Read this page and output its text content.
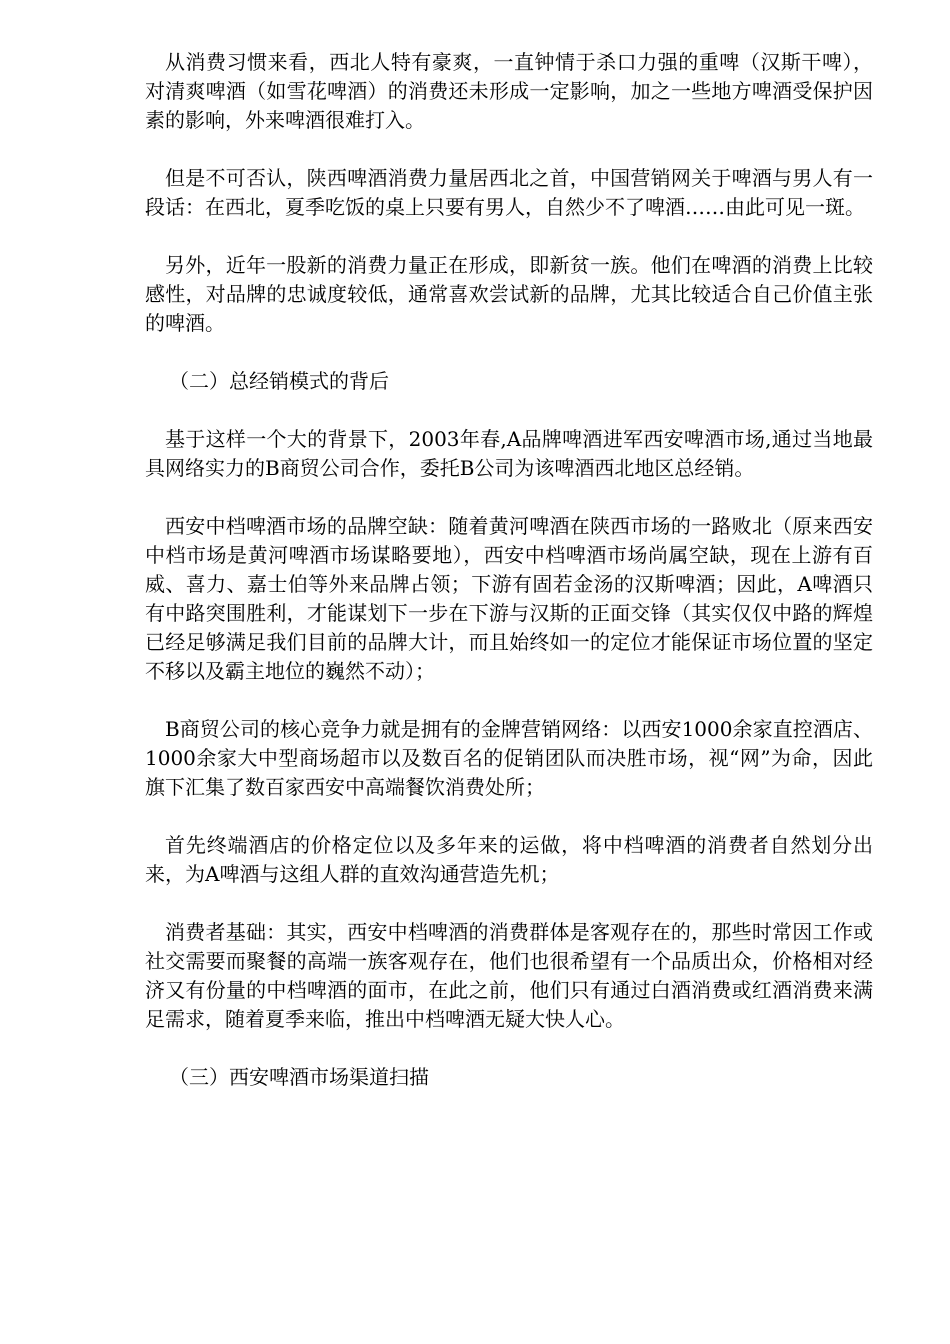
从消费习惯来看，西北人特有豪爽，一直钟情于杀口力强的重啤（汉斯干啤），对清爽啤酒（如雪花啤酒）的消费还未形成一定影响，加之一些地方啤酒受保护因素的影响，外来啤酒很难打入。

但是不可否认，陕西啤酒消费力量居西北之首，中国营销网关于啤酒与男人有一段话：在西北，夏季吃饭的桌上只要有男人，自然少不了啤酒……由此可见一斑。

另外，近年一股新的消费力量正在形成，即新贫一族。他们在啤酒的消费上比较感性，对品牌的忠诚度较低，通常喜欢尝试新的品牌，尤其比较适合自己价值主张的啤酒。

（二）总经销模式的背后

基于这样一个大的背景下，2003年春,A品牌啤酒进军西安啤酒市场,通过当地最具网络实力的B商贸公司合作，委托B公司为该啤酒西北地区总经销。

西安中档啤酒市场的品牌空缺：随着黄河啤酒在陕西市场的一路败北（原来西安中档市场是黄河啤酒市场谋略要地），西安中档啤酒市场尚属空缺，现在上游有百威、喜力、嘉士伯等外来品牌占领；下游有固若金汤的汉斯啤酒；因此，A啤酒只有中路突围胜利，才能谋划下一步在下游与汉斯的正面交锋（其实仅仅中路的辉煌已经足够满足我们目前的品牌大计，而且始终如一的定位才能保证市场位置的坚定不移以及霸主地位的巍然不动）；

B商贸公司的核心竞争力就是拥有的金牌营销网络：以西安1000余家直控酒店、1000余家大中型商场超市以及数百名的促销团队而决胜市场，视“网”为命，因此旗下汇集了数百家西安中高端餐饮消费处所；

首先终端酒店的价格定位以及多年来的运做，将中档啤酒的消费者自然划分出来，为A啤酒与这组人群的直效沟通营造先机；

消费者基础：其实，西安中档啤酒的消费群体是客观存在的，那些时常因工作或社交需要而聚餐的高端一族客观存在，他们也很希望有一个品质出众，价格相对经济又有份量的中档啤酒的面市，在此之前，他们只有通过白酒消费或红酒消费来满足需求，随着夏季来临，推出中档啤酒无疑大快人心。

（三）西安啤酒市场渠道扫描
